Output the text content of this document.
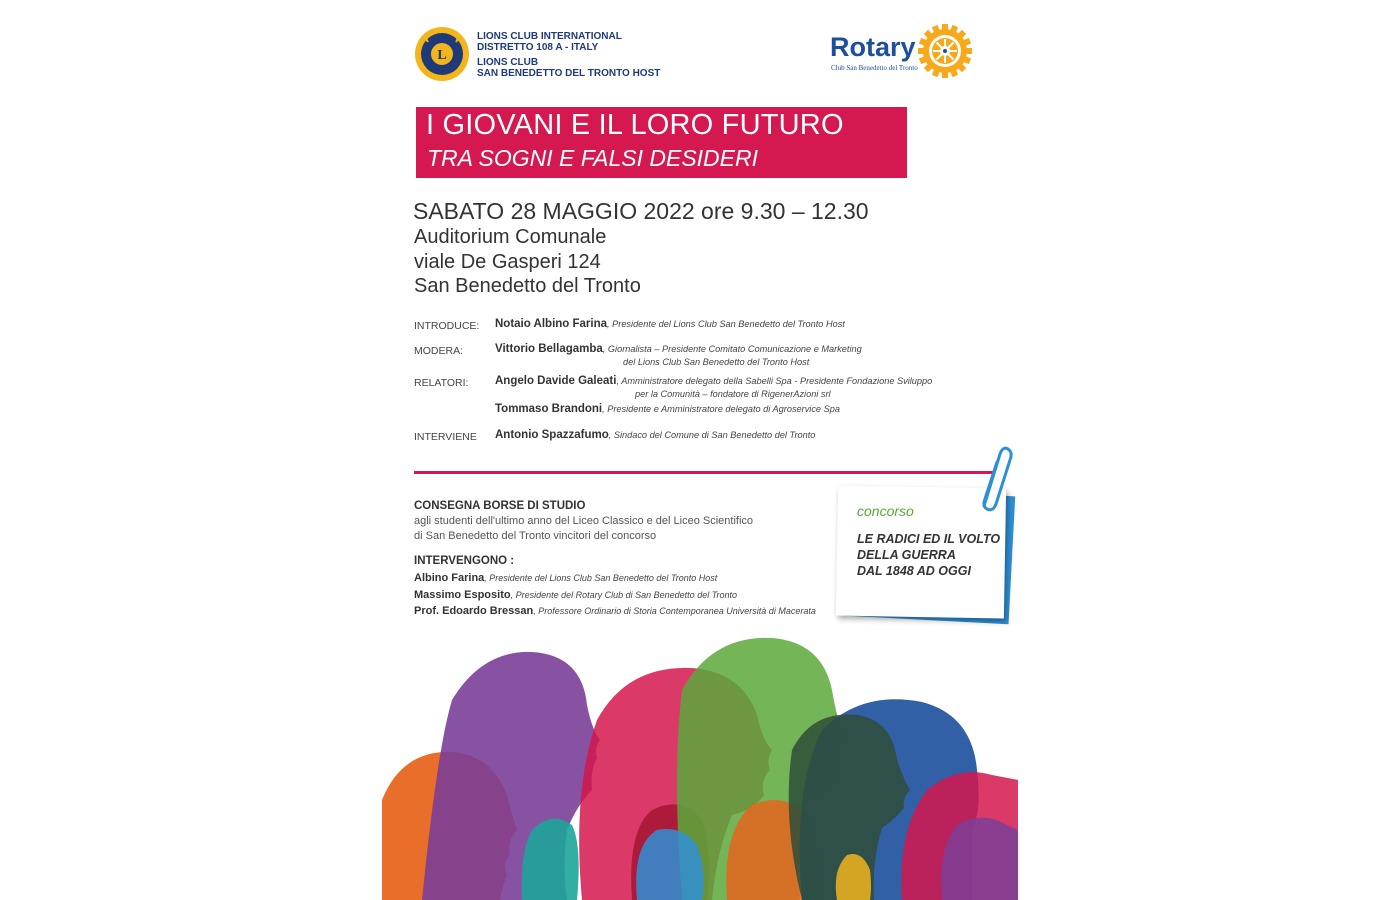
L
LIONS CLUB INTERNATIONAL
DISTRETTO 108 A - ITALY
LIONS CLUB
SAN BENEDETTO DEL TRONTO HOST
Rotary
Club San Benedetto del Tronto
I GIOVANI E IL LORO FUTURO
TRA SOGNI E FALSI DESIDERI
SABATO 28 MAGGIO 2022 ore 9.30 – 12.30
Auditorium Comunale
viale De Gasperi 124
San Benedetto del Tronto
INTRODUCE: Notaio Albino Farina, Presidente del Lions Club San Benedetto del Tronto Host
MODERA:	Vittorio Bellagamba, Giornalista – Presidente Comitato Comunicazione e Marketing
del Lions Club San Benedetto del Tronto Host
RELATORI: Angelo Davide Galeati, Amministratore delegato della Sabelli Spa - Presidente Fondazione Sviluppo
per la Comunità – fondatore di RigenerAzioni srl
Tommaso Brandoni, Presidente e Amministratore delegato di Agroservice Spa
INTERVIENE Antonio Spazzafumo, Sindaco del Comune di San Benedetto del Tronto
concorso
LE RADICI ED IL VOLTO
DELLA GUERRA
DAL 1848 AD OGGI
CONSEGNA BORSE DI STUDIO
agli studenti dell'ultimo anno del Liceo Classico e del Liceo Scientifico
di San Benedetto del Tronto vincitori del concorso
INTERVENGONO :
Albino Farina, Presidente del Lions Club San Benedetto del Tronto Host
Massimo Esposito, Presidente del Rotary Club di San Benedetto del Tronto
Prof. Edoardo Bressan, Professore Ordinario di Storia Contemporanea Università di Macerata
